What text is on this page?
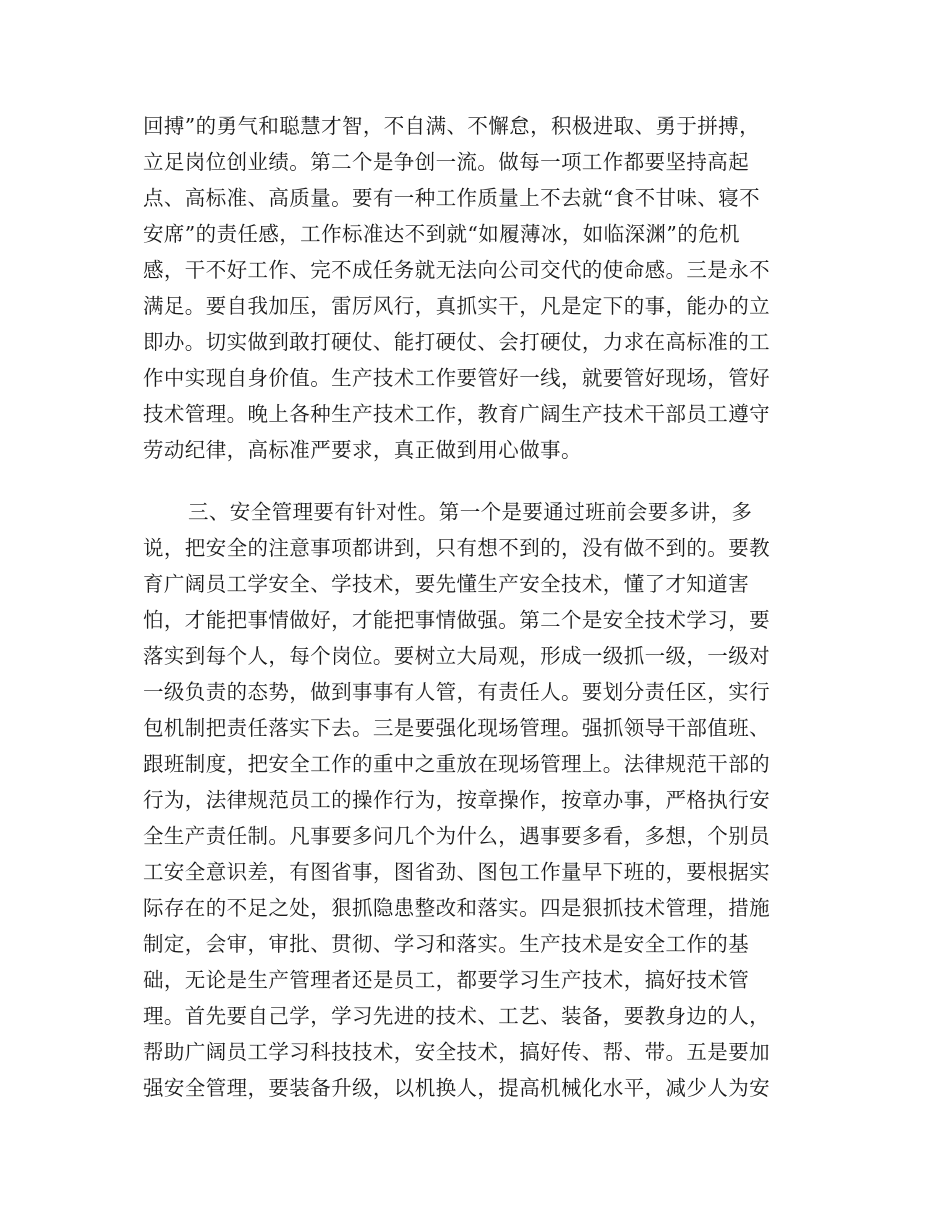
回搏”的勇气和聪慧才智，不自满、不懈怠，积极进取、勇于拼搏，

立足岗位创业绩。第二个是争创一流。做每一项工作都要坚持高起

点、高标准、高质量。要有一种工作质量上不去就“食不甘味、寝不

安席”的责任感，工作标准达不到就“如履薄冰，如临深渊”的危机

感，干不好工作、完不成任务就无法向公司交代的使命感。三是永不

满足。要自我加压，雷厉风行，真抓实干，凡是定下的事，能办的立

即办。切实做到敢打硬仗、能打硬仗、会打硬仗，力求在高标准的工

作中实现自身价值。生产技术工作要管好一线，就要管好现场，管好

技术管理。晚上各种生产技术工作，教育广阔生产技术干部员工遵守

劳动纪律，高标准严要求，真正做到用心做事。

三、安全管理要有针对性。第一个是要通过班前会要多讲，多

说，把安全的注意事项都讲到，只有想不到的，没有做不到的。要教

育广阔员工学安全、学技术，要先懂生产安全技术，懂了才知道害

怕，才能把事情做好，才能把事情做强。第二个是安全技术学习，要

落实到每个人，每个岗位。要树立大局观，形成一级抓一级，一级对

一级负责的态势，做到事事有人管，有责任人。要划分责任区，实行

包机制把责任落实下去。三是要强化现场管理。强抓领导干部值班、

跟班制度，把安全工作的重中之重放在现场管理上。法律规范干部的

行为，法律规范员工的操作行为，按章操作，按章办事，严格执行安

全生产责任制。凡事要多问几个为什么，遇事要多看，多想，个别员

工安全意识差，有图省事，图省劲、图包工作量早下班的，要根据实

际存在的不足之处，狠抓隐患整改和落实。四是狠抓技术管理，措施

制定，会审，审批、贯彻、学习和落实。生产技术是安全工作的基

础，无论是生产管理者还是员工，都要学习生产技术，搞好技术管

理。首先要自己学，学习先进的技术、工艺、装备，要教身边的人，

帮助广阔员工学习科技技术，安全技术，搞好传、帮、带。五是要加

强安全管理，要装备升级，以机换人，提高机械化水平，减少人为安
